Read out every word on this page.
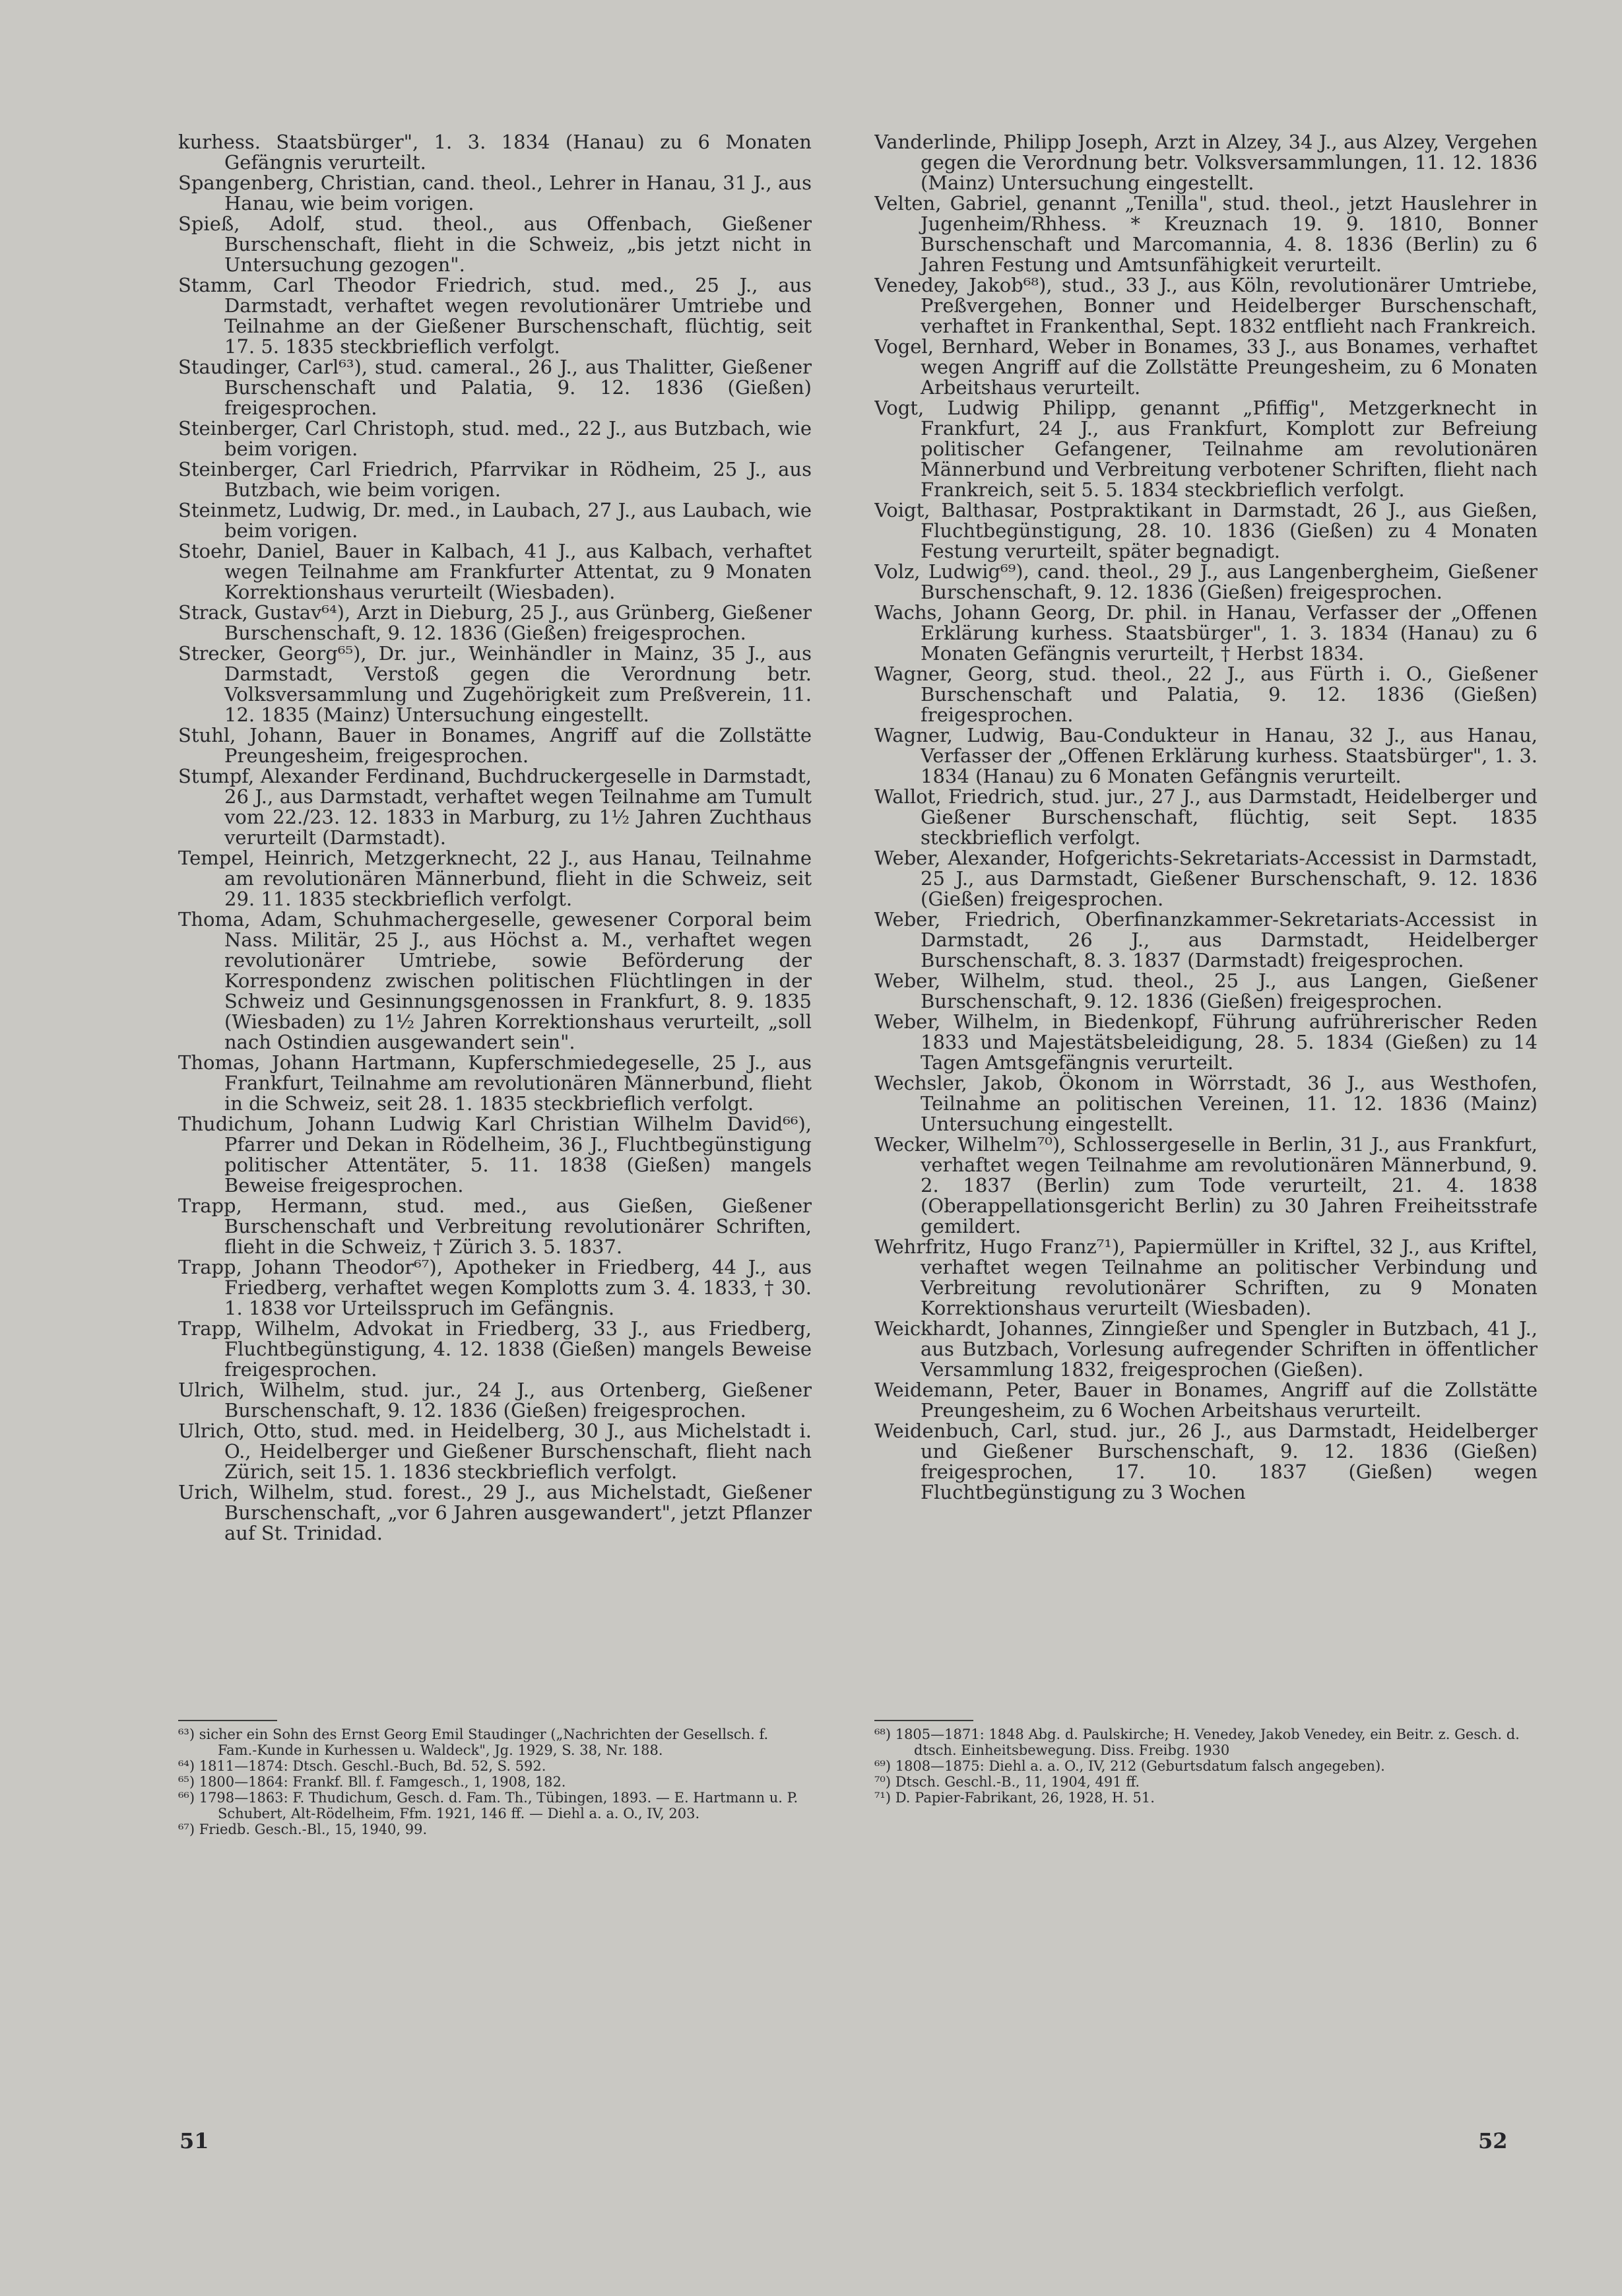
kurhess. Staatsbürger", 1. 3. 1834 (Hanau) zu 6 Monaten Gefängnis verurteilt.

Spangenberg, Christian, cand. theol., Lehrer in Hanau, 31 J., aus Hanau, wie beim vorigen.

Spieß, Adolf, stud. theol., aus Offenbach, Gießener Burschenschaft, flieht in die Schweiz, „bis jetzt nicht in Untersuchung gezogen".

Stamm, Carl Theodor Friedrich, stud. med., 25 J., aus Darmstadt, verhaftet wegen revolutionärer Umtriebe und Teilnahme an der Gießener Burschenschaft, flüchtig, seit 17. 5. 1835 steckbrieflich verfolgt.

Staudinger, Carl⁶³), stud. cameral., 26 J., aus Thalitter, Gießener Burschenschaft und Palatia, 9. 12. 1836 (Gießen) freigesprochen.

Steinberger, Carl Christoph, stud. med., 22 J., aus Butzbach, wie beim vorigen.

Steinberger, Carl Friedrich, Pfarrvikar in Rödheim, 25 J., aus Butzbach, wie beim vorigen.

Steinmetz, Ludwig, Dr. med., in Laubach, 27 J., aus Laubach, wie beim vorigen.

Stoehr, Daniel, Bauer in Kalbach, 41 J., aus Kalbach, verhaftet wegen Teilnahme am Frankfurter Attentat, zu 9 Monaten Korrektionshaus verurteilt (Wiesbaden).

Strack, Gustav⁶⁴), Arzt in Dieburg, 25 J., aus Grünberg, Gießener Burschenschaft, 9. 12. 1836 (Gießen) freigesprochen.

Strecker, Georg⁶⁵), Dr. jur., Weinhändler in Mainz, 35 J., aus Darmstadt, Verstoß gegen die Verordnung betr. Volksversammlung und Zugehörigkeit zum Preßverein, 11. 12. 1835 (Mainz) Untersuchung eingestellt.

Stuhl, Johann, Bauer in Bonames, Angriff auf die Zollstätte Preungesheim, freigesprochen.

Stumpf, Alexander Ferdinand, Buchdruckergeselle in Darmstadt, 26 J., aus Darmstadt, verhaftet wegen Teilnahme am Tumult vom 22./23. 12. 1833 in Marburg, zu 1½ Jahren Zuchthaus verurteilt (Darmstadt).

Tempel, Heinrich, Metzgerknecht, 22 J., aus Hanau, Teilnahme am revolutionären Männerbund, flieht in die Schweiz, seit 29. 11. 1835 steckbrieflich verfolgt.

Thoma, Adam, Schuhmachergeselle, gewesener Corporal beim Nass. Militär, 25 J., aus Höchst a. M., verhaftet wegen revolutionärer Umtriebe, sowie Beförderung der Korrespondenz zwischen politischen Flüchtlingen in der Schweiz und Gesinnungsgenossen in Frankfurt, 8. 9. 1835 (Wiesbaden) zu 1½ Jahren Korrektionshaus verurteilt, „soll nach Ostindien ausgewandert sein".

Thomas, Johann Hartmann, Kupferschmiedegeselle, 25 J., aus Frankfurt, Teilnahme am revolutionären Männerbund, flieht in die Schweiz, seit 28. 1. 1835 steckbrieflich verfolgt.

Thudichum, Johann Ludwig Karl Christian Wilhelm David⁶⁶), Pfarrer und Dekan in Rödelheim, 36 J., Fluchtbegünstigung politischer Attentäter, 5. 11. 1838 (Gießen) mangels Beweise freigesprochen.

Trapp, Hermann, stud. med., aus Gießen, Gießener Burschenschaft und Verbreitung revolutionärer Schriften, flieht in die Schweiz, † Zürich 3. 5. 1837.

Trapp, Johann Theodor⁶⁷), Apotheker in Friedberg, 44 J., aus Friedberg, verhaftet wegen Komplotts zum 3. 4. 1833, † 30. 1. 1838 vor Urteilsspruch im Gefängnis.

Trapp, Wilhelm, Advokat in Friedberg, 33 J., aus Friedberg, Fluchtbegünstigung, 4. 12. 1838 (Gießen) mangels Beweise freigesprochen.

Ulrich, Wilhelm, stud. jur., 24 J., aus Ortenberg, Gießener Burschenschaft, 9. 12. 1836 (Gießen) freigesprochen.

Ulrich, Otto, stud. med. in Heidelberg, 30 J., aus Michelstadt i. O., Heidelberger und Gießener Burschenschaft, flieht nach Zürich, seit 15. 1. 1836 steckbrieflich verfolgt.

Urich, Wilhelm, stud. forest., 29 J., aus Michelstadt, Gießener Burschenschaft, „vor 6 Jahren ausgewandert", jetzt Pflanzer auf St. Trinidad.

⁶³) sicher ein Sohn des Ernst Georg Emil Staudinger („Nachrichten der Gesellsch. f. Fam.-Kunde in Kurhessen u. Waldeck", Jg. 1929, S. 38, Nr. 188.

⁶⁴) 1811—1874: Dtsch. Geschl.-Buch, Bd. 52, S. 592.

⁶⁵) 1800—1864: Frankf. Bll. f. Famgesch., 1, 1908, 182.

⁶⁶) 1798—1863: F. Thudichum, Gesch. d. Fam. Th., Tübingen, 1893. — E. Hartmann u. P. Schubert, Alt-Rödelheim, Ffm. 1921, 146 ff. — Diehl a. a. O., IV, 203.

⁶⁷) Friedb. Gesch.-Bl., 15, 1940, 99.

Vanderlinde, Philipp Joseph, Arzt in Alzey, 34 J., aus Alzey, Vergehen gegen die Verordnung betr. Volksversammlungen, 11. 12. 1836 (Mainz) Untersuchung eingestellt.

Velten, Gabriel, genannt „Tenilla", stud. theol., jetzt Hauslehrer in Jugenheim/Rhhess. * Kreuznach 19. 9. 1810, Bonner Burschenschaft und Marcomannia, 4. 8. 1836 (Berlin) zu 6 Jahren Festung und Amtsunfähigkeit verurteilt.

Venedey, Jakob⁶⁸), stud., 33 J., aus Köln, revolutionärer Umtriebe, Preßvergehen, Bonner und Heidelberger Burschenschaft, verhaftet in Frankenthal, Sept. 1832 entflieht nach Frankreich.

Vogel, Bernhard, Weber in Bonames, 33 J., aus Bonames, verhaftet wegen Angriff auf die Zollstätte Preungesheim, zu 6 Monaten Arbeitshaus verurteilt.

Vogt, Ludwig Philipp, genannt „Pfiffig", Metzgerknecht in Frankfurt, 24 J., aus Frankfurt, Komplott zur Befreiung politischer Gefangener, Teilnahme am revolutionären Männerbund und Verbreitung verbotener Schriften, flieht nach Frankreich, seit 5. 5. 1834 steckbrieflich verfolgt.

Voigt, Balthasar, Postpraktikant in Darmstadt, 26 J., aus Gießen, Fluchtbegünstigung, 28. 10. 1836 (Gießen) zu 4 Monaten Festung verurteilt, später begnadigt.

Volz, Ludwig⁶⁹), cand. theol., 29 J., aus Langenbergheim, Gießener Burschenschaft, 9. 12. 1836 (Gießen) freigesprochen.

Wachs, Johann Georg, Dr. phil. in Hanau, Verfasser der „Offenen Erklärung kurhess. Staatsbürger", 1. 3. 1834 (Hanau) zu 6 Monaten Gefängnis verurteilt, † Herbst 1834.

Wagner, Georg, stud. theol., 22 J., aus Fürth i. O., Gießener Burschenschaft und Palatia, 9. 12. 1836 (Gießen) freigesprochen.

Wagner, Ludwig, Bau-Condukteur in Hanau, 32 J., aus Hanau, Verfasser der „Offenen Erklärung kurhess. Staatsbürger", 1. 3. 1834 (Hanau) zu 6 Monaten Gefängnis verurteilt.

Wallot, Friedrich, stud. jur., 27 J., aus Darmstadt, Heidelberger und Gießener Burschenschaft, flüchtig, seit Sept. 1835 steckbrieflich verfolgt.

Weber, Alexander, Hofgerichts-Sekretariats-Accessist in Darmstadt, 25 J., aus Darmstadt, Gießener Burschenschaft, 9. 12. 1836 (Gießen) freigesprochen.

Weber, Friedrich, Oberfinanzkammer-Sekretariats-Accessist in Darmstadt, 26 J., aus Darmstadt, Heidelberger Burschenschaft, 8. 3. 1837 (Darmstadt) freigesprochen.

Weber, Wilhelm, stud. theol., 25 J., aus Langen, Gießener Burschenschaft, 9. 12. 1836 (Gießen) freigesprochen.

Weber, Wilhelm, in Biedenkopf, Führung aufrührerischer Reden 1833 und Majestätsbeleidigung, 28. 5. 1834 (Gießen) zu 14 Tagen Amtsgefängnis verurteilt.

Wechsler, Jakob, Ökonom in Wörrstadt, 36 J., aus Westhofen, Teilnahme an politischen Vereinen, 11. 12. 1836 (Mainz) Untersuchung eingestellt.

Wecker, Wilhelm⁷⁰), Schlossergeselle in Berlin, 31 J., aus Frankfurt, verhaftet wegen Teilnahme am revolutionären Männerbund, 9. 2. 1837 (Berlin) zum Tode verurteilt, 21. 4. 1838 (Oberappellationsgericht Berlin) zu 30 Jahren Freiheitsstrafe gemildert.

Wehrfritz, Hugo Franz⁷¹), Papiermüller in Kriftel, 32 J., aus Kriftel, verhaftet wegen Teilnahme an politischer Verbindung und Verbreitung revolutionärer Schriften, zu 9 Monaten Korrektionshaus verurteilt (Wiesbaden).

Weickhardt, Johannes, Zinngießer und Spengler in Butzbach, 41 J., aus Butzbach, Vorlesung aufregender Schriften in öffentlicher Versammlung 1832, freigesprochen (Gießen).

Weidemann, Peter, Bauer in Bonames, Angriff auf die Zollstätte Preungesheim, zu 6 Wochen Arbeitshaus verurteilt.

Weidenbuch, Carl, stud. jur., 26 J., aus Darmstadt, Heidelberger und Gießener Burschenschaft, 9. 12. 1836 (Gießen) freigesprochen, 17. 10. 1837 (Gießen) wegen Fluchtbegünstigung zu 3 Wochen

⁶⁸) 1805—1871: 1848 Abg. d. Paulskirche; H. Venedey, Jakob Venedey, ein Beitr. z. Gesch. d. dtsch. Einheitsbewegung. Diss. Freibg. 1930

⁶⁹) 1808—1875: Diehl a. a. O., IV, 212 (Geburtsdatum falsch angegeben).

⁷⁰) Dtsch. Geschl.-B., 11, 1904, 491 ff.

⁷¹) D. Papier-Fabrikant, 26, 1928, H. 51.

51	52
